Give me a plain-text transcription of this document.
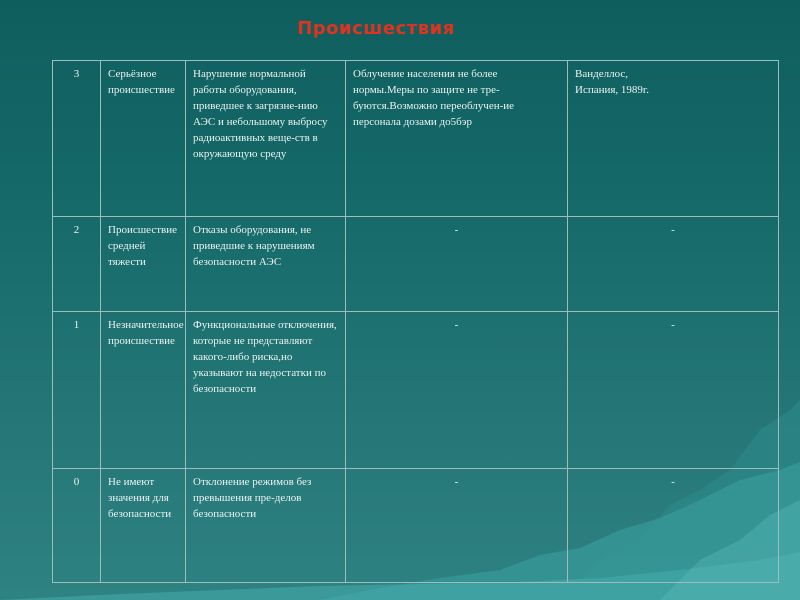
Происшествия
3	Серьёзное происшествие	Нарушение нормальной работы оборудования, приведшее к загрязне-нию АЭС и небольшому выбросу радиоактивных веще-ств в окружающую среду	Облучение населения не более нормы.Меры по защите не тре-буются.Возможно переоблучен-ие персонала дозами до5бэр	Ванделлос,
Испания, 1989г.
2	Происшествие средней тяжести	Отказы оборудования, не приведшие к нарушениям безопасности АЭС	-	-
1	Незначительное происшествие	Функциональные отключения, которые не представляют какого-либо риска,но указывают на недостатки по безопасности	-	-
0	Не имеют значения для безопасности	Отклонение режимов без превышения пре-делов безопасности	-	-
